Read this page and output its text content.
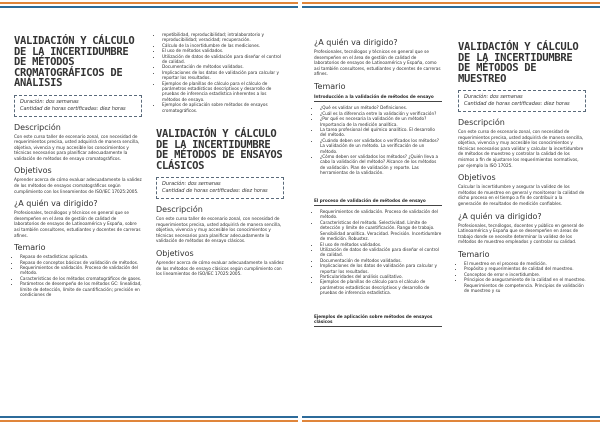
VALIDACIÓN Y CÁLCULO DE LA INCERTIDUMBRE DE MÉTODOS CROMATOGRÁFICOS DE ANÁLISIS
Duración: dos semanas
Cantidad de horas certificadas: diez horas
Descripción
Con este curso taller de escenario zonal, con necesidad de requerimientos precisa, usted adquirirá de manera sencilla, objetiva, vivencia y muy accesible los conocimientos y técnicas necesarios para planificar adecuadamente la validación de métodos de ensayo cromatográficos.
Objetivos
Aprender acerca de cómo evaluar adecuadamente la validez de los métodos de ensayos cromatográficos según cumplimiento con los lineamientos de ISO/IEC 17025:2005.
¿A quién va dirigido?
Profesionales, tecnólogos y técnicos en general que se desempeñen en el área de gestión de calidad de laboratorios de ensayos de Latinoamérica y España, sobre así también consultores, estudiantes y docentes de carreras afines.
Temario
• Repaso de estadísticas aplicada.
• Repaso de conceptos básicos de validación de métodos.
• Requerimientos de validación. Proceso de validación del método.
• Características de los métodos cromatográficos de gases.
• Parámetros de desempeño de los métodos GC: linealidad, límite de detección, límite de cuantificación; precisión en condiciones de
• repetibilidad, reproducibilidad; intralaboratorio y reproducibilidad; veracidad; recuperación.
• Cálculo de la incertidumbre de las mediciones.
• El uso de métodos validados.
• Utilización de datos de validación para diseñar el control de calidad.
• Documentación de métodos validados.
• Implicaciones de los datos de validación para calcular y reportar los resultados.
• Ejemplos de planillas de cálculo para el cálculo de parámetros estadísticos descriptivos y desarrollo de pruebas de inferencia estadística inherentes a los métodos de ensayo.
• Ejemplos de aplicación sobre métodos de ensayos cromatográficos.
VALIDACIÓN Y CÁLCULO DE LA INCERTIDUMBRE DE MÉTODOS DE ENSAYOS CLÁSICOS
Duración: dos semanas
Cantidad de horas certificadas: diez horas
Descripción
Con este curso taller de escenario zonal, con necesidad de requerimientos precisa, usted adquirirá de manera sencilla, objetiva, vivencia y muy accesible los conocimientos y técnicas necesarios para planificar adecuadamente la validación de métodos de ensayo clásicos.
Objetivos
Aprender acerca de cómo evaluar adecuadamente la validez de los métodos de ensayo clásicos según cumplimiento con los lineamientos de ISO/IEC 17025:2005.
¿A quién va dirigido?
Profesionales, tecnólogos y técnicos en general que se desempeñen en el área de gestión de calidad de laboratorios de ensayos de Latinoamérica y España, como así también consultores, estudiantes y docentes de carreras afines.
Temario
Introducción a la validación de métodos de ensayo
• ¿Qué es validar un método? Definiciones.
• ¿Cuál es la diferencia entre la validación y verificación?
• ¿Por qué es necesaria la validación de un método? Importancia de la medición analítica.
• La tarea profesional del químico analítico. El desarrollo del método.
• ¿Cuándo deben ser validados o verificados los métodos? La validación de un método. La verificación de un método.
• ¿Cómo deben ser validados los métodos? ¿Quién lleva a cabo la validación del método? Alcance de los métodos de validación. Plan de validación y reporte. Las herramientas de la validación.
El proceso de validación de métodos de ensayo
• Requerimientos de validación. Proceso de validación del método.
• Características del método. Selectividad. Límite de detección y límite de cuantificación. Rango de trabajo. Sensibilidad analítica. Veracidad. Precisión. Incertidumbre de medición. Robustez.
• El uso de métodos validados.
• Utilización de datos de validación para diseñar el control de calidad.
• Documentación de métodos validados.
• Implicaciones de los datos de validación para calcular y reportar los resultados.
• Particularidades del análisis cualitativo.
• Ejemplos de planillas de cálculo para el cálculo de parámetros estadísticos descriptivos y desarrollo de pruebas de inferencia estadística.
Ejemplos de aplicación sobre métodos de ensayos clásicos
VALIDACIÓN Y CÁLCULO DE LA INCERTIDUMBRE DE MÉTODOS DE MUESTREO
Duración: dos semanas
Cantidad de horas certificadas: diez horas
Descripción
Con este curso de escenario zonal, con necesidad de requerimientos precisa, usted adquirirá de manera sencilla, objetiva, vivencia y muy accesible los conocimientos y técnicas necesarios para validar y calcular la incertidumbre de métodos de muestreo y controlar la calidad de los mismos a fin de ajustarse los requerimientos normativos, por ejemplo la ISO 17025.
Objetivos
Calcular la incertidumbre y asegurar la validez de los métodos de muestreo en general y monitorear la calidad de dicho proceso en el tiempo a fin de contribuir a la generación de resultados de medición confiables.
¿A quién va dirigido?
Profesionales, tecnólogos, docentes y público en general de Latinoamérica y España que se desempeñen en áreas de trabajo donde se necesite determinar la validez de los métodos de muestreo empleados y controlar su calidad.
Temario
• El muestreo en el proceso de medición.
• Propósito y requerimientos de calidad del muestreo.
• Conceptos de error e incertidumbre.
• Principios de aseguramiento de la calidad en el muestreo. Requerimientos de competencia. Principios de validación de muestreo y su
